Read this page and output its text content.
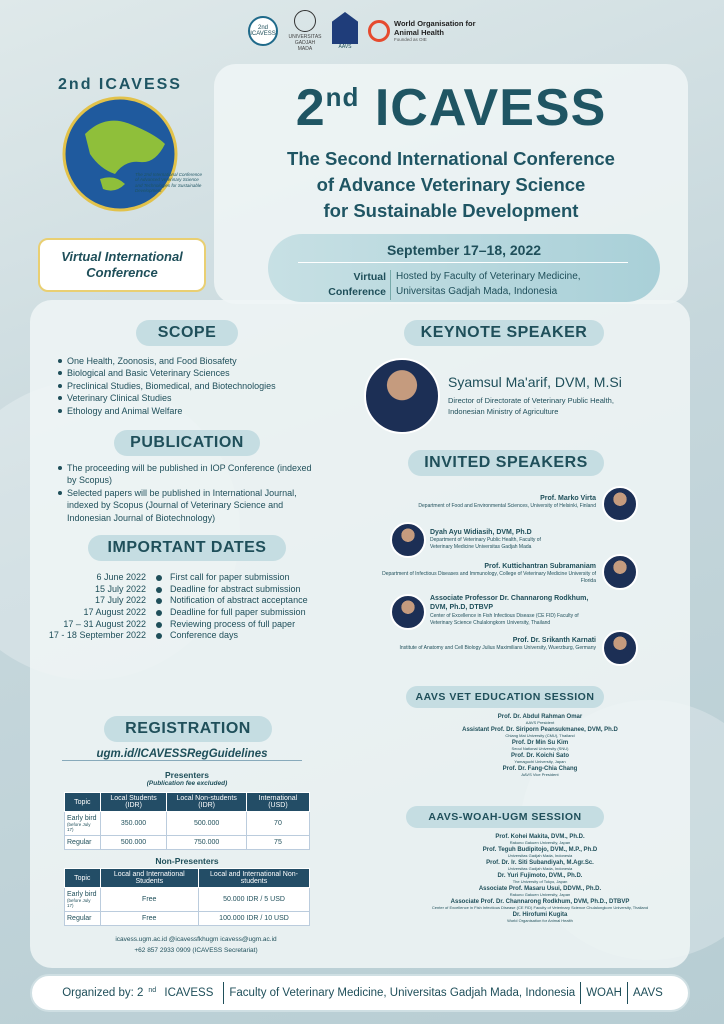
2nd ICAVESS	UNIVERSITAS GADJAH MADA	AAVS
World Organisation for Animal Health
Founded as OIE
2nd ICAVESS
The 2nd International Conference of Advanced Veterinary Science and Technologies for Sustainable Development
Virtual International
Conference
2nd ICAVESS
The Second International Conference
of Advance Veterinary Science
for Sustainable Development
September 17–18, 2022
Virtual
Conference
Hosted by Faculty of Veterinary Medicine,
Universitas Gadjah Mada, Indonesia
SCOPE
One Health, Zoonosis, and Food Biosafety
Biological and Basic Veterinary Sciences
Preclinical Studies, Biomedical, and Biotechnologies
Veterinary Clinical Studies
Ethology and Animal Welfare
PUBLICATION
The proceeding will be published in IOP Conference (indexed by Scopus)
Selected papers will be published in International Journal, indexed by Scopus (Journal of Veterinary Science and Indonesian Journal of Biotechnology)
IMPORTANT DATES
6 June 2022	First call for paper submission
15 July 2022	Deadline for abstract submission
17 July 2022	Notification of abstract acceptance
17 August 2022	Deadline for full paper submission
17 – 31 August 2022	Reviewing process of full paper
17 - 18 September 2022	Conference days
REGISTRATION
ugm.id/ICAVESSRegGuidelines
Presenters
(Publication fee excluded)
Topic	Local Students (IDR)	Local Non-students (IDR)	International (USD)
Early bird
(before July 17)	350.000	500.000	70
Regular	500.000	750.000	75
Non-Presenters
Topic	Local and International Students	Local and International Non-students
Early bird
(before July 17)	Free	50.000 IDR / 5 USD
Regular	Free	100.000 IDR / 10 USD
icavess.ugm.ac.id @icavessfkhugm icavess@ugm.ac.id
+62 857 2933 0909 (ICAVESS Secretariat)
KEYNOTE SPEAKER
Syamsul Ma'arif, DVM, M.Si
Director of Directorate of Veterinary Public Health,
Indonesian Ministry of Agriculture
INVITED SPEAKERS
Prof. Marko Virta
Department of Food and Environmental Sciences, University of Helsinki, Finland
Dyah Ayu Widiasih, DVM, Ph.D
Department of Veterinary Public Health, Faculty of Veterinary Medicine Universitas Gadjah Mada
Prof. Kuttichantran Subramaniam
Department of Infectious Diseases and Immunology, College of Veterinary Medicine University of Florida
Associate Professor Dr. Channarong Rodkhum, DVM, Ph.D, DTBVP
Center of Excellence in Fish Infectious Disease (CE FID) Faculty of Veterinary Science Chulalongkorn University, Thailand
Prof. Dr. Srikanth Karnati
Institute of Anatomy and Cell Biology Julius Maximilians University, Wuerzburg, Germany
AAVS VET EDUCATION SESSION
Prof. Dr. Abdul Rahman Omar
AAVS President
Assistant Prof. Dr. Siriporn Peansukmanee, DVM, Ph.D
Chiang Mai University (CMU), Thailand
Prof. Dr Min Su Kim
Seoul National University (SNU)
Prof. Dr. Koichi Sato
Yamaguchi University, Japan
Prof. Dr. Fang-Chia Chang
AAVS Vice President
AAVS-WOAH-UGM SESSION
Prof. Kohei Makita, DVM., Ph.D.
Rakuno Gakuen University, Japan
Prof. Teguh Budipitojo, DVM., M.P., Ph.D
Universitas Gadjah Mada, Indonesia
Prof. Dr. Ir. Siti Subandiyah, M.Agr.Sc.
Universitas Gadjah Mada, Indonesia
Dr. Yuri Fujimoto, DVM., Ph.D.
The University of Tokyo, Japan
Associate Prof. Masaru Usui, DDVM., Ph.D.
Rakuno Gakuen University, Japan
Associate Prof. Dr. Channarong Rodkhum, DVM, Ph.D., DTBVP
Center of Excellence in Fish Infectious Disease (CE FID) Faculty of Veterinary Science Chulalongkorn University, Thailand
Dr. Hirofumi Kugita
World Organisation for Animal Health
Organized by: 2 $^{nd}$ ICAVESS	Faculty of Veterinary Medicine, Universitas Gadjah Mada, Indonesia WOAH AAVS
